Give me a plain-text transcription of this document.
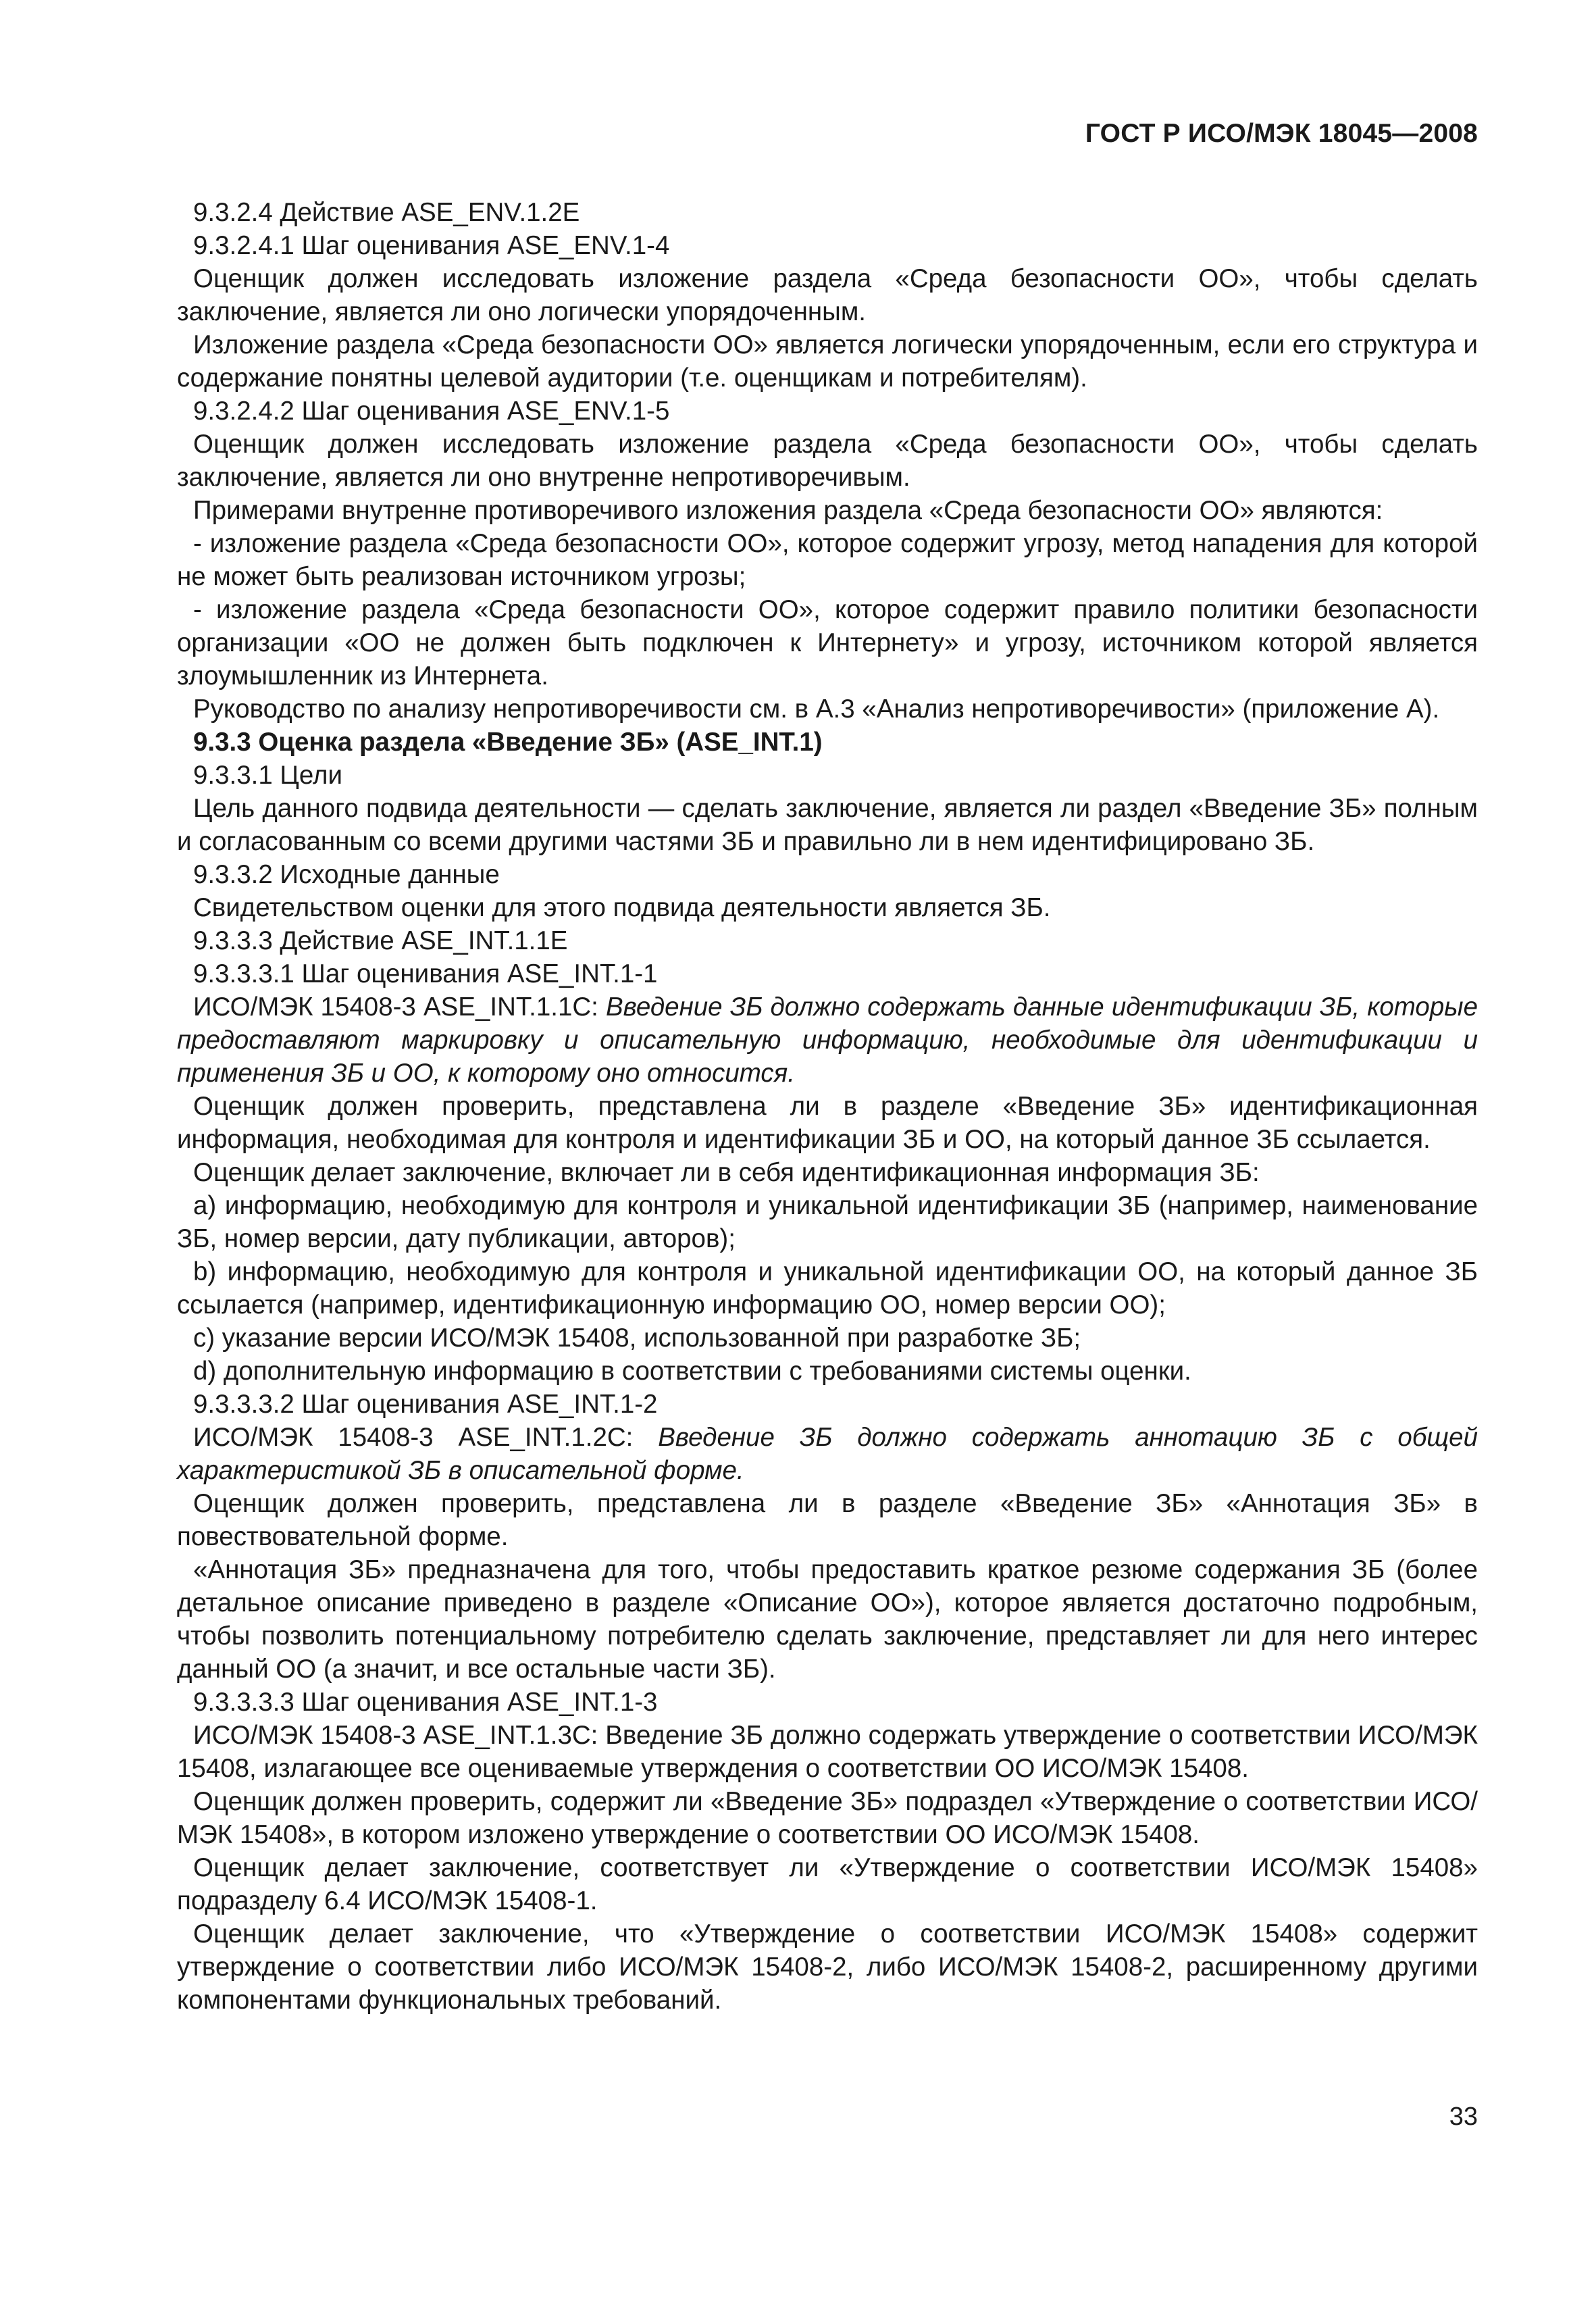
ГОСТ Р ИСО/МЭК 18045—2008

9.3.2.4 Действие ASE_ENV.1.2E

9.3.2.4.1 Шаг оценивания ASE_ENV.1-4

Оценщик должен исследовать изложение раздела «Среда безопасности ОО», чтобы сделать заключение, является ли оно логически упорядоченным.

Изложение раздела «Среда безопасности ОО» является логически упорядоченным, если его структура и содержание понятны целевой аудитории (т.е. оценщикам и потребителям).

9.3.2.4.2 Шаг оценивания ASE_ENV.1-5

Оценщик должен исследовать изложение раздела «Среда безопасности ОО», чтобы сделать заключение, является ли оно внутренне непротиворечивым.

Примерами внутренне противоречивого изложения раздела «Среда безопасности ОО» являются:

- изложение раздела «Среда безопасности ОО», которое содержит угрозу, метод нападения для которой не может быть реализован источником угрозы;

- изложение раздела «Среда безопасности ОО», которое содержит правило политики безопасности организации «ОО не должен быть подключен к Интернету» и угрозу, источником которой является злоумышленник из Интернета.

Руководство по анализу непротиворечивости см. в А.3 «Анализ непротиворечивости» (приложение А).

9.3.3 Оценка раздела «Введение ЗБ» (ASE_INT.1)

9.3.3.1 Цели

Цель данного подвида деятельности — сделать заключение, является ли раздел «Введение ЗБ» полным и согласованным со всеми другими частями ЗБ и правильно ли в нем идентифицировано ЗБ.

9.3.3.2 Исходные данные

Свидетельством оценки для этого подвида деятельности является ЗБ.

9.3.3.3 Действие ASE_INT.1.1E

9.3.3.3.1 Шаг оценивания ASE_INT.1-1

ИСО/МЭК 15408-3 ASE_INT.1.1C: Введение ЗБ должно содержать данные идентификации ЗБ, которые предоставляют маркировку и описательную информацию, необходимые для идентификации и применения ЗБ и ОО, к которому оно относится.

Оценщик должен проверить, представлена ли в разделе «Введение ЗБ» идентификационная информация, необходимая для контроля и идентификации ЗБ и ОО, на который данное ЗБ ссылается.

Оценщик делает заключение, включает ли в себя идентификационная информация ЗБ:

a) информацию, необходимую для контроля и уникальной идентификации ЗБ (например, наименование ЗБ, номер версии, дату публикации, авторов);

b) информацию, необходимую для контроля и уникальной идентификации ОО, на который данное ЗБ ссылается (например, идентификационную информацию ОО, номер версии ОО);

c) указание версии ИСО/МЭК 15408, использованной при разработке ЗБ;

d) дополнительную информацию в соответствии с требованиями системы оценки.

9.3.3.3.2 Шаг оценивания ASE_INT.1-2

ИСО/МЭК 15408-3 ASE_INT.1.2C: Введение ЗБ должно содержать аннотацию ЗБ с общей характеристикой ЗБ в описательной форме.

Оценщик должен проверить, представлена ли в разделе «Введение ЗБ» «Аннотация ЗБ» в повествовательной форме.

«Аннотация ЗБ» предназначена для того, чтобы предоставить краткое резюме содержания ЗБ (более детальное описание приведено в разделе «Описание ОО»), которое является достаточно подробным, чтобы позволить потенциальному потребителю сделать заключение, представляет ли для него интерес данный ОО (а значит, и все остальные части ЗБ).

9.3.3.3.3 Шаг оценивания ASE_INT.1-3

ИСО/МЭК 15408-3 ASE_INT.1.3C: Введение ЗБ должно содержать утверждение о соответствии ИСО/МЭК 15408, излагающее все оцениваемые утверждения о соответствии ОО ИСО/МЭК 15408.

Оценщик должен проверить, содержит ли «Введение ЗБ» подраздел «Утверждение о соответствии ИСО/МЭК 15408», в котором изложено утверждение о соответствии ОО ИСО/МЭК 15408.

Оценщик делает заключение, соответствует ли «Утверждение о соответствии ИСО/МЭК 15408» подразделу 6.4 ИСО/МЭК 15408-1.

Оценщик делает заключение, что «Утверждение о соответствии ИСО/МЭК 15408» содержит утверждение о соответствии либо ИСО/МЭК 15408-2, либо ИСО/МЭК 15408-2, расширенному другими компонентами функциональных требований.

33
